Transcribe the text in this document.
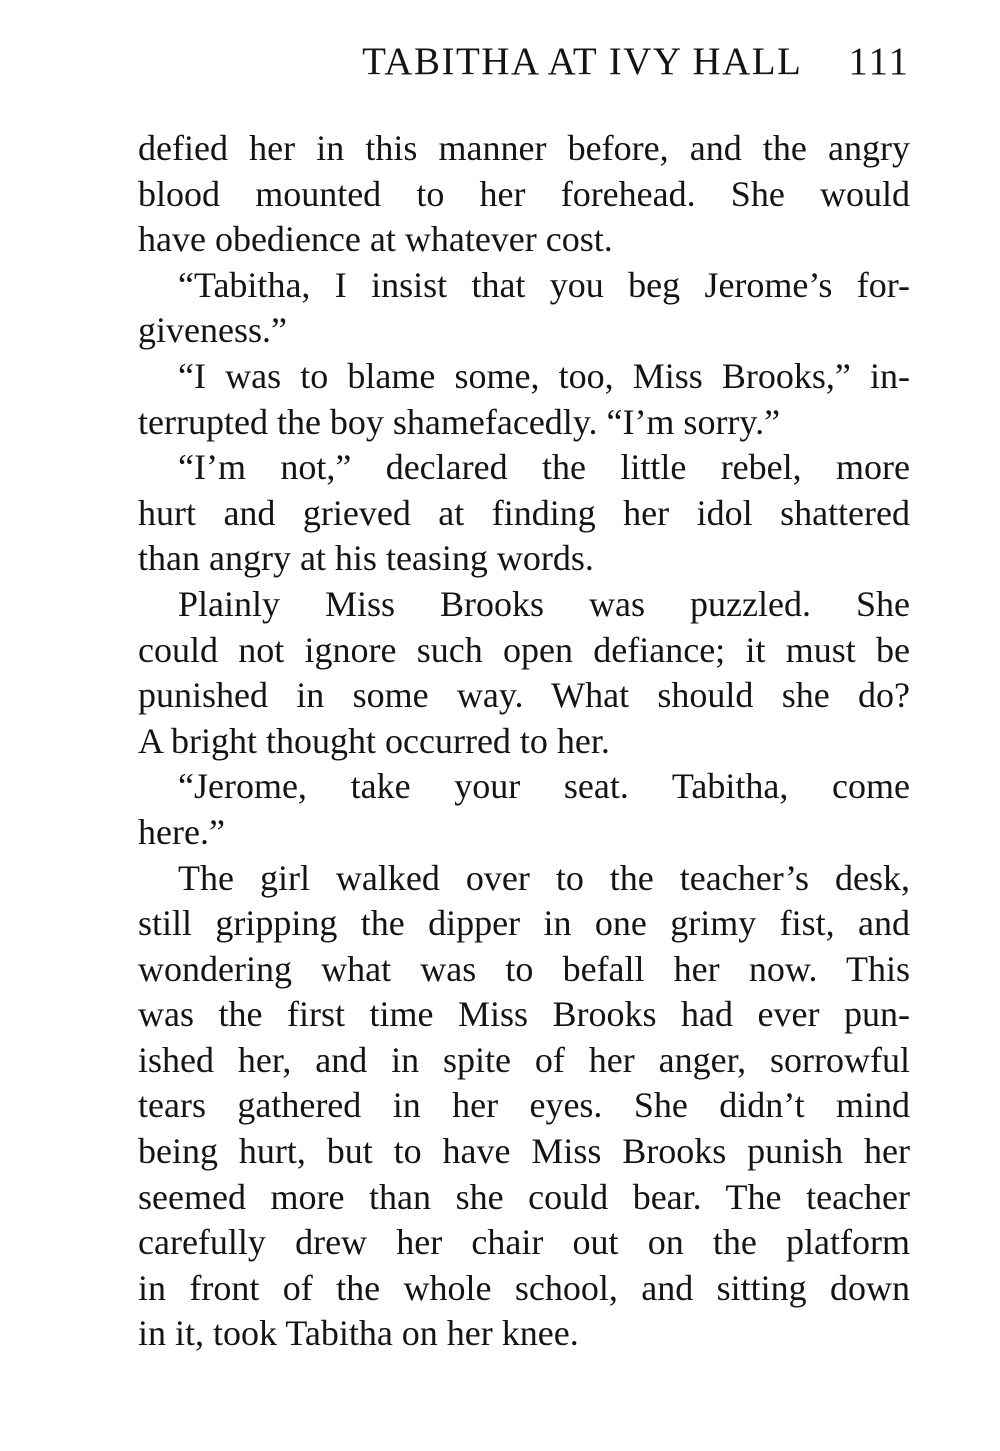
TABITHA AT IVY HALL 111
defied her in this manner before, and the angry
blood mounted to her forehead. She would
have obedience at whatever cost.
“Tabitha, I insist that you beg Jerome’s for-
giveness.”
“I was to blame some, too, Miss Brooks,” in-
terrupted the boy shamefacedly. “I’m sorry.”
“I’m not,” declared the little rebel, more
hurt and grieved at finding her idol shattered
than angry at his teasing words.
Plainly Miss Brooks was puzzled. She
could not ignore such open defiance; it must be
punished in some way. What should she do?
A bright thought occurred to her.
“Jerome, take your seat. Tabitha, come
here.”
The girl walked over to the teacher’s desk,
still gripping the dipper in one grimy fist, and
wondering what was to befall her now. This
was the first time Miss Brooks had ever pun-
ished her, and in spite of her anger, sorrowful
tears gathered in her eyes. She didn’t mind
being hurt, but to have Miss Brooks punish her
seemed more than she could bear. The teacher
carefully drew her chair out on the platform
in front of the whole school, and sitting down
in it, took Tabitha on her knee.
